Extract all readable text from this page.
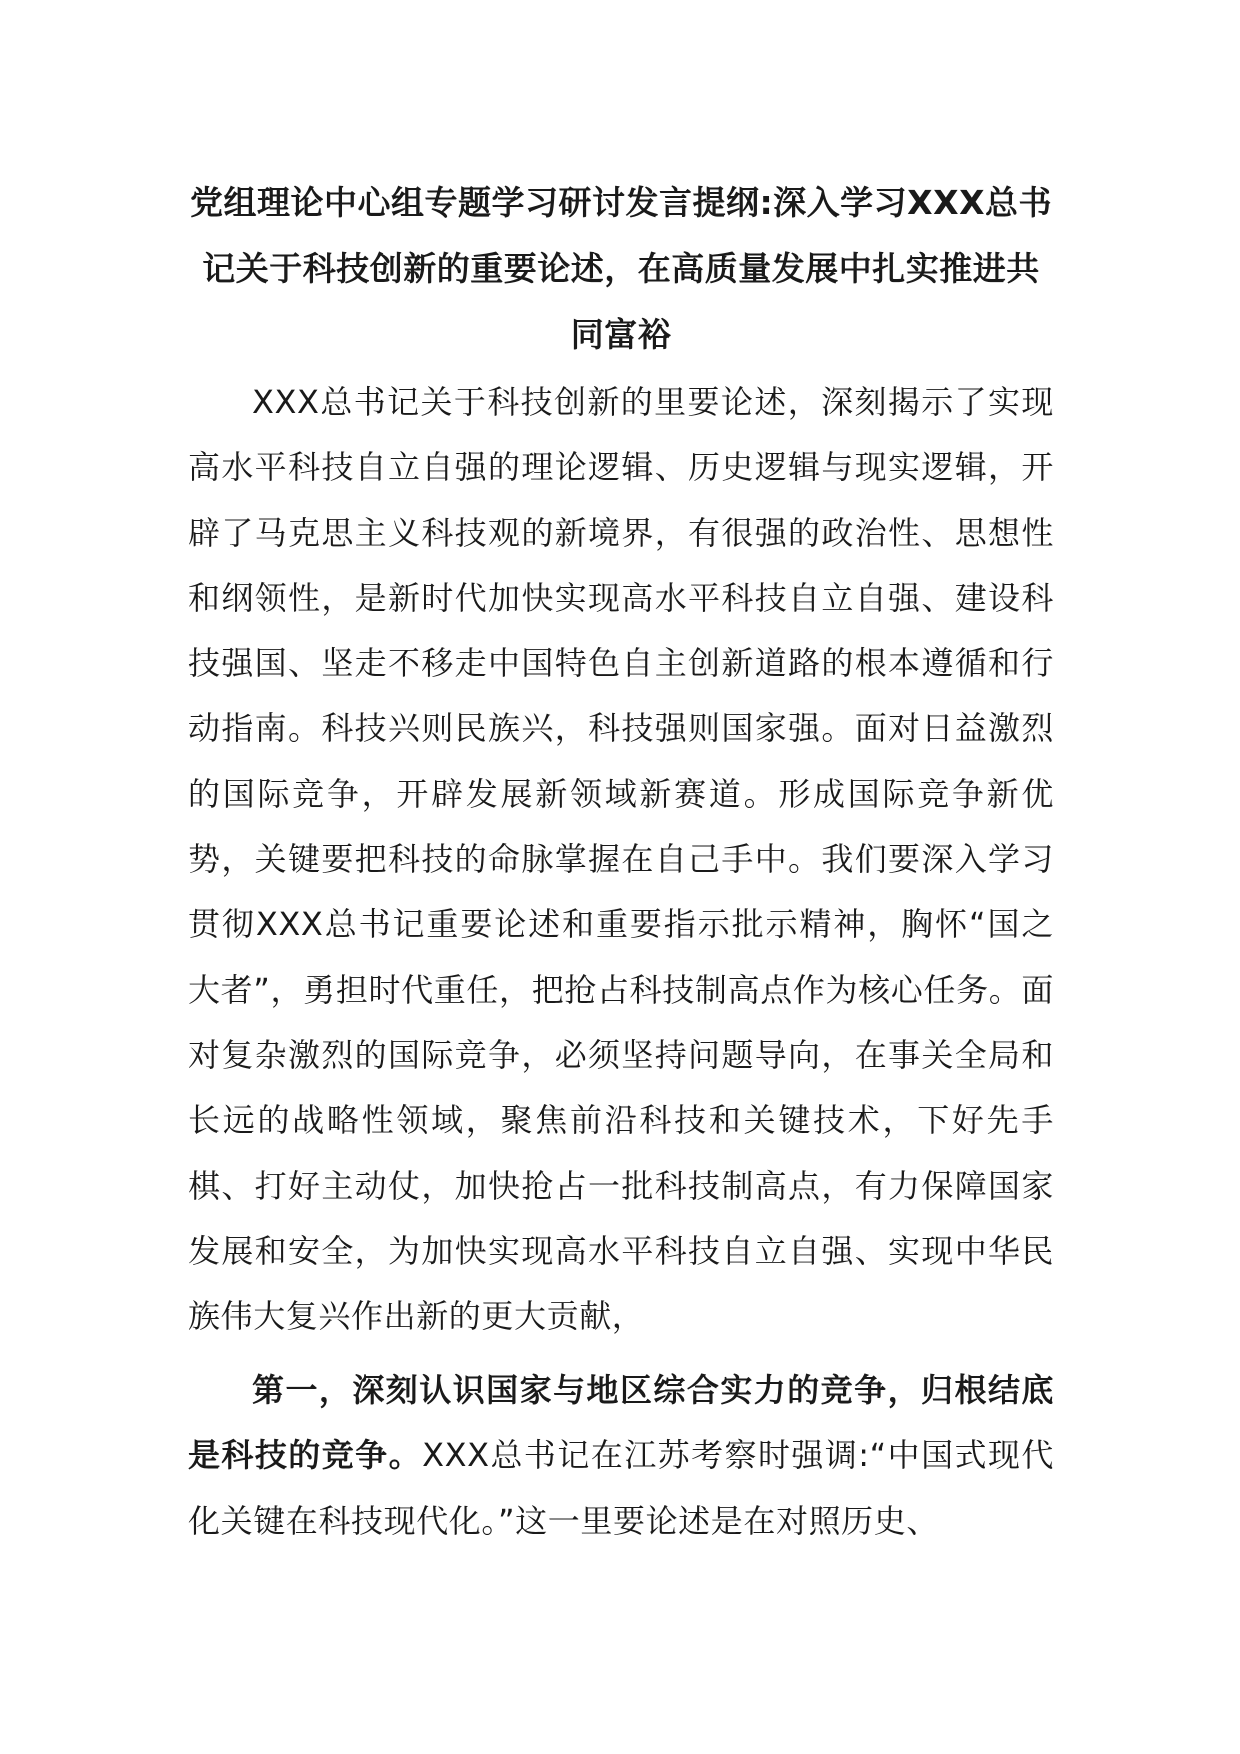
党组理论中心组专题学习研讨发言提纲:深入学习XXX总书记关于科技创新的重要论述，在高质量发展中扎实推进共同富裕

XXX总书记关于科技创新的里要论述，深刻揭示了实现高水平科技自立自强的理论逻辑、历史逻辑与现实逻辑，开辟了马克思主义科技观的新境界，有很强的政治性、思想性和纲领性，是新时代加快实现高水平科技自立自强、建设科技强国、坚走不移走中国特色自主创新道路的根本遵循和行动指南。科技兴则民族兴，科技强则国家强。面对日益激烈的国际竞争，开辟发展新领域新赛道。形成国际竞争新优势，关键要把科技的命脉掌握在自己手中。我们要深入学习贯彻XXX总书记重要论述和重要指示批示精神，胸怀“国之大者”，勇担时代重任，把抢占科技制高点作为核心任务。面对复杂激烈的国际竞争，必须坚持问题导向，在事关全局和长远的战略性领域，聚焦前沿科技和关键技术，下好先手棋、打好主动仗，加快抢占一批科技制高点，有力保障国家发展和安全，为加快实现高水平科技自立自强、实现中华民族伟大复兴作出新的更大贡献，

第一，深刻认识国家与地区综合实力的竞争，归根结底是科技的竞争。XXX总书记在江苏考察时强调:“中国式现代化关键在科技现代化。”这一里要论述是在对照历史、
